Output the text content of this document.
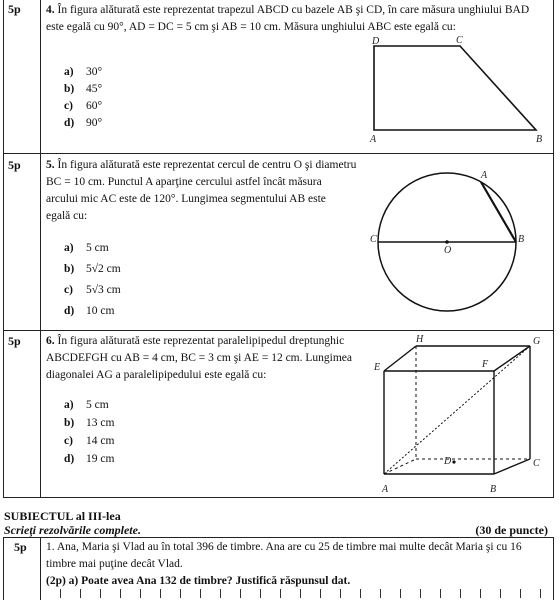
5p 4. În figura alăturată este reprezentat trapezul ABCD cu bazele AB şi CD, în care măsura unghiului BAD
este egală cu 90°, AD = DC = 5 cm şi AB = 10 cm. Măsura unghiului ABC este egală cu:
a) 30°
b) 45°
c) 60°
d) 90°
D	C
A	B
5p 5. În figura alăturată este reprezentat cercul de centru O şi diametru
BC = 10 cm. Punctul A aparţine cercului astfel încât măsura
arcului mic AC este de 120°. Lungimea segmentului AB este
egală cu:
a) 5 cm
b) 5√2 cm
c) 5√3 cm
d) 10 cm
A
B
C
O
5p 6. În figura alăturată este reprezentat paralelipipedul dreptunghic
ABCDEFGH cu AB = 4 cm, BC = 3 cm şi AE = 12 cm. Lungimea
diagonalei AG a paralelipipedului este egală cu:
a) 5 cm
b) 13 cm
c) 14 cm
d) 19 cm
H	G
E	F
D	C
A	B
SUBIECTUL al III-lea
Scrieţi rezolvările complete.	(30 de puncte)
5p 1. Ana, Maria şi Vlad au în total 396 de timbre. Ana are cu 25 de timbre mai multe decât Maria şi cu 16
timbre mai puţine decât Vlad.
(2p) a) Poate avea Ana 132 de timbre? Justifică răspunsul dat.
